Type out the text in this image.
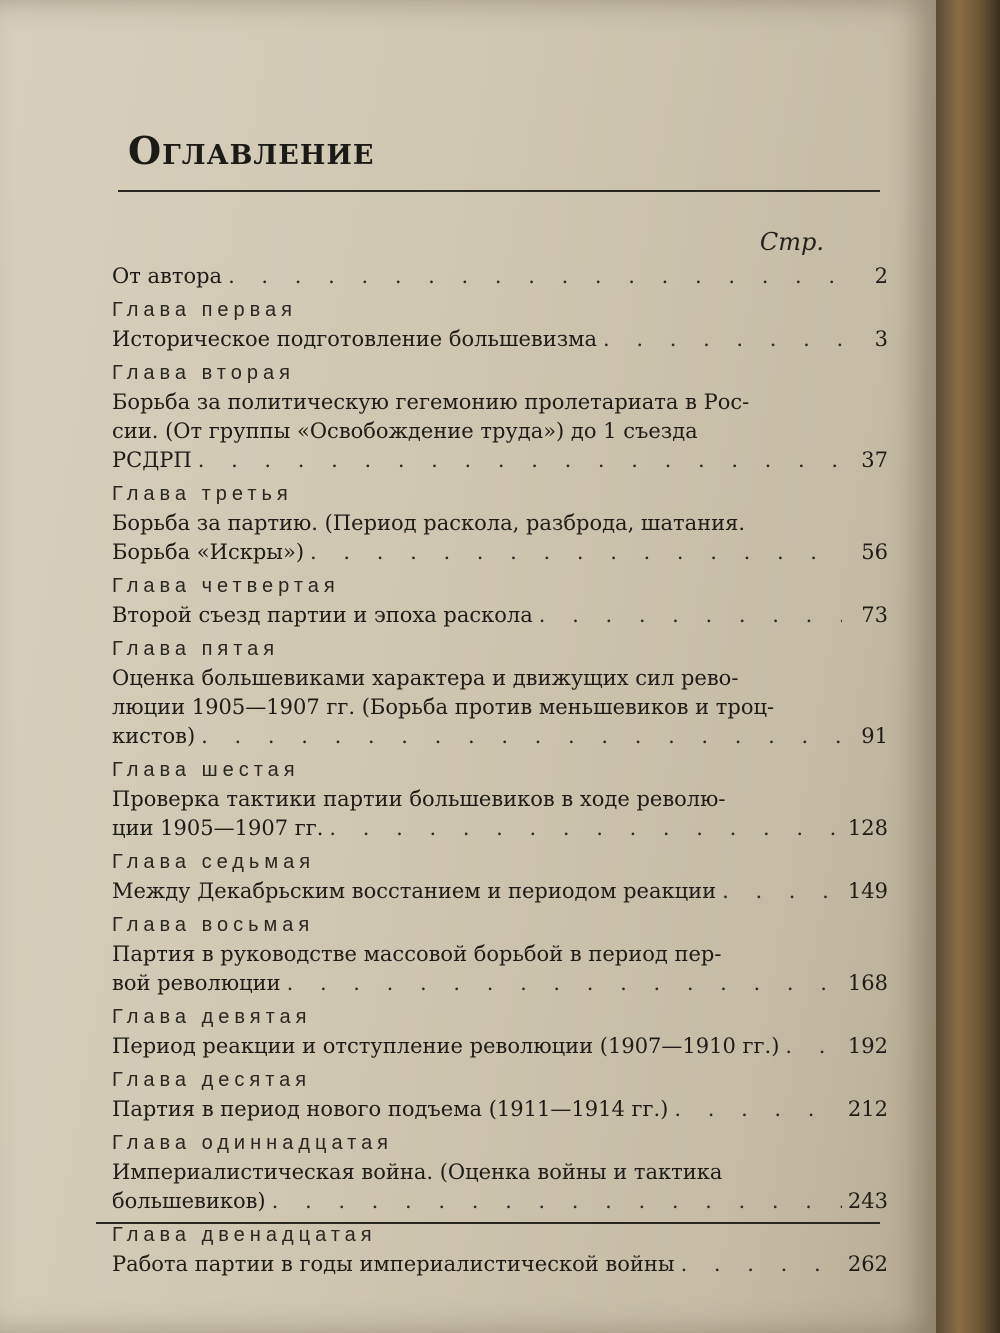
Оглавление
Стр.
От автора . . .	2
Глава первая
Историческое подготовление большевизма . . .	3
Глава вторая
Борьба за политическую гегемонию пролетариата в Рос-
сии. (От группы «Освобождение труда») до 1 съезда
РСДРП . . .	37
Глава третья
Борьба за партию. (Период раскола, разброда, шатания.
Борьба «Искры») . . .	56
Глава четвертая
Второй съезд партии и эпоха раскола . . .	73
Глава пятая
Оценка большевиками характера и движущих сил рево-
люции 1905—1907 гг. (Борьба против меньшевиков и троц-
кистов) . . .	91
Глава шестая
Проверка тактики партии большевиков в ходе револю-
ции 1905—1907 гг. . . .	128
Глава седьмая
Между Декабрьским восстанием и периодом реакции . . .	149
Глава восьмая
Партия в руководстве массовой борьбой в период пер-
вой революции . . .	168
Глава девятая
Период реакции и отступление революции (1907—1910 гг.) . . .	192
Глава десятая
Партия в период нового подъема (1911—1914 гг.) . . .	212
Глава одиннадцатая
Империалистическая война. (Оценка войны и тактика
большевиков) . . .	243
Глава двенадцатая
Работа партии в годы империалистической войны . . .	262
